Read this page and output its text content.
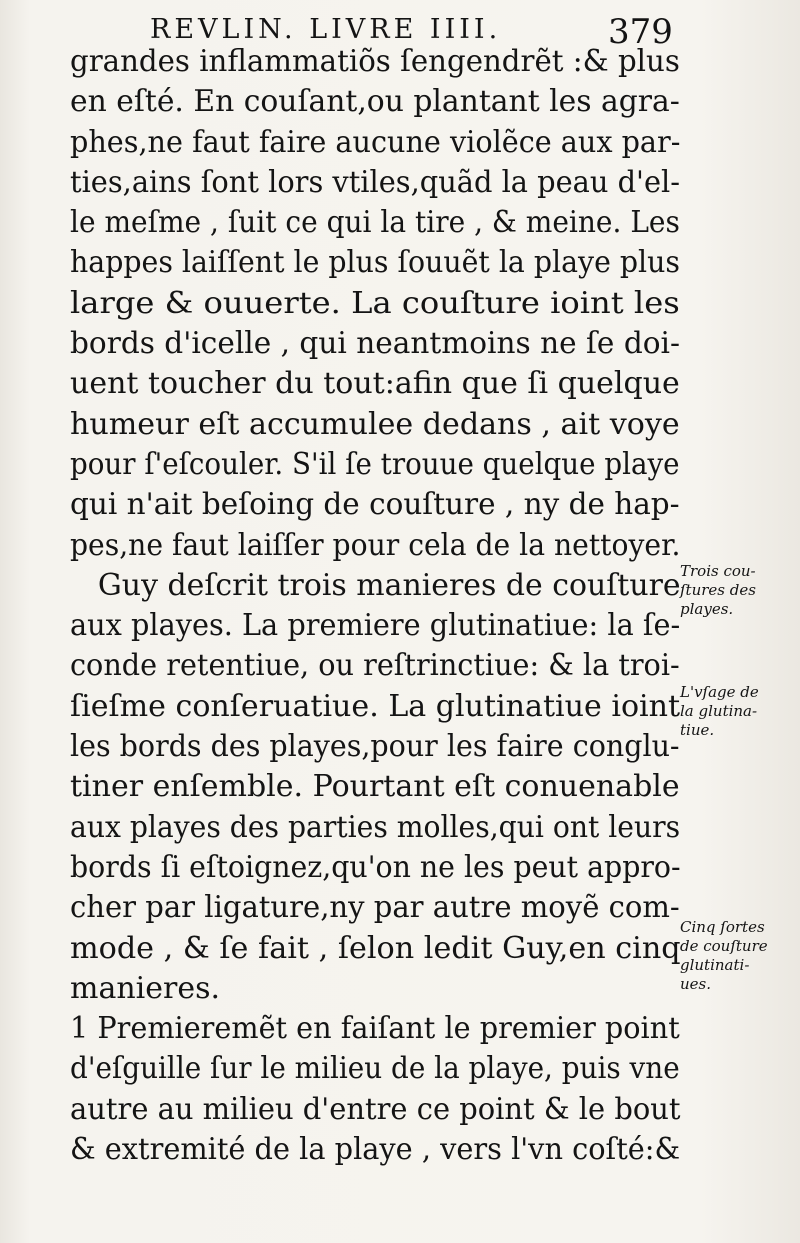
REVLIN. LIVRE IIII.	379
grandes inflammatiõs ſengendrẽt :& plus
en eſté. En couſant,ou plantant les agra-
phes,ne faut faire aucune violẽce aux par-
ties,ains ſont lors vtiles,quãd la peau d'el-
le meſme , ſuit ce qui la tire , & meine. Les
happes laiſſent le plus ſouuẽt la playe plus
large & ouuerte. La couſture ioint les
bords d'icelle , qui neantmoins ne ſe doi-
uent toucher du tout:afin que ſi quelque
humeur eſt accumulee dedans , ait voye
pour ſ'eſcouler. S'il ſe trouue quelque playe
qui n'ait beſoing de couſture , ny de hap-
pes,ne faut laiſſer pour cela de la nettoyer.
Guy deſcrit trois manieres de couſture
aux playes. La premiere glutinatiue: la ſe-
conde retentiue, ou reſtrinctiue: & la troi-
ſieſme conſeruatiue. La glutinatiue ioint
les bords des playes,pour les faire conglu-
tiner enſemble. Pourtant eſt conuenable
aux playes des parties molles,qui ont leurs
bords ſi eſtoignez,qu'on ne les peut appro-
cher par ligature,ny par autre moyẽ com-
mode , & ſe fait , ſelon ledit Guy,en cinq
manieres.
1 Premieremẽt en faiſant le premier point
d'eſguille ſur le milieu de la playe, puis vne
autre au milieu d'entre ce point & le bout
& extremité de la playe , vers l'vn coſté:&
Trois cou-
ſtures des
playes.
L'vſage de
la glutina-
tiue.
Cinq ſortes
de couſture
glutinati-
ues.
